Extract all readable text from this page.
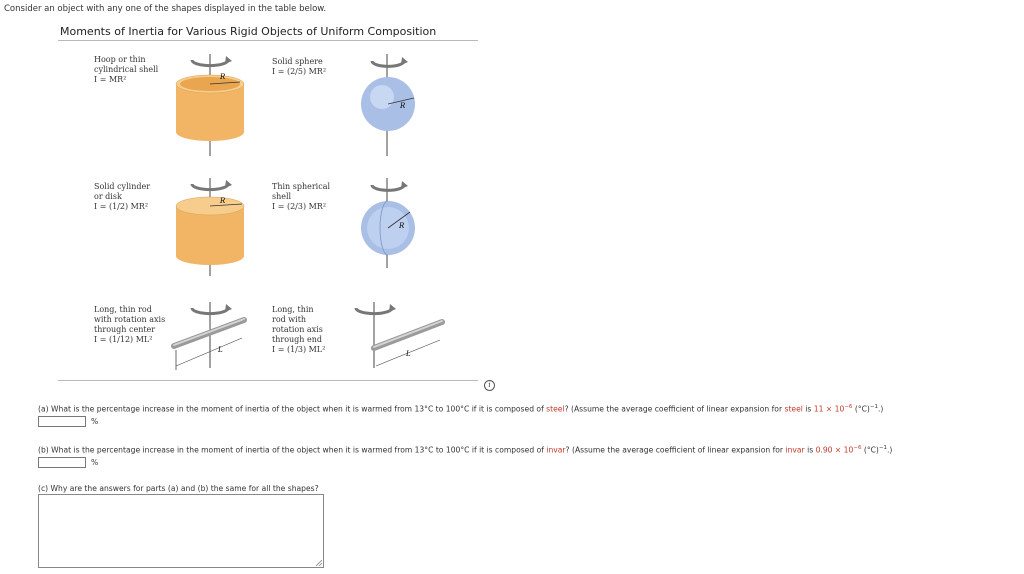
Consider an object with any one of the shapes displayed in the table below.
Moments of Inertia for Various Rigid Objects of Uniform Composition
Hoop or thin
cylindrical shell
I = MR²	R
Solid sphere
I = (2/5) MR²
R
Solid cylinder
or disk
I = (1/2) MR²
R
Thin spherical
shell
I = (2/3) MR²
R
Long, thin rod
with rotation axis
through center
I = (1/12) ML²
L
Long, thin
rod with
rotation axis
through end
I = (1/3) ML²	L
i
(a) What is the percentage increase in the moment of inertia of the object when it is warmed from 13°C to 100°C if it is composed of steel? (Assume the average coefficient of linear expansion for steel is $11 \times 10^{-6}$ $(^\circ C)^{-1}$.)
%
(b) What is the percentage increase in the moment of inertia of the object when it is warmed from 13°C to 100°C if it is composed of invar? (Assume the average coefficient of linear expansion for invar is $0.90 \times 10^{-6}$ $(^\circ C)^{-1}$.)
%
(c) Why are the answers for parts (a) and (b) the same for all the shapes?
